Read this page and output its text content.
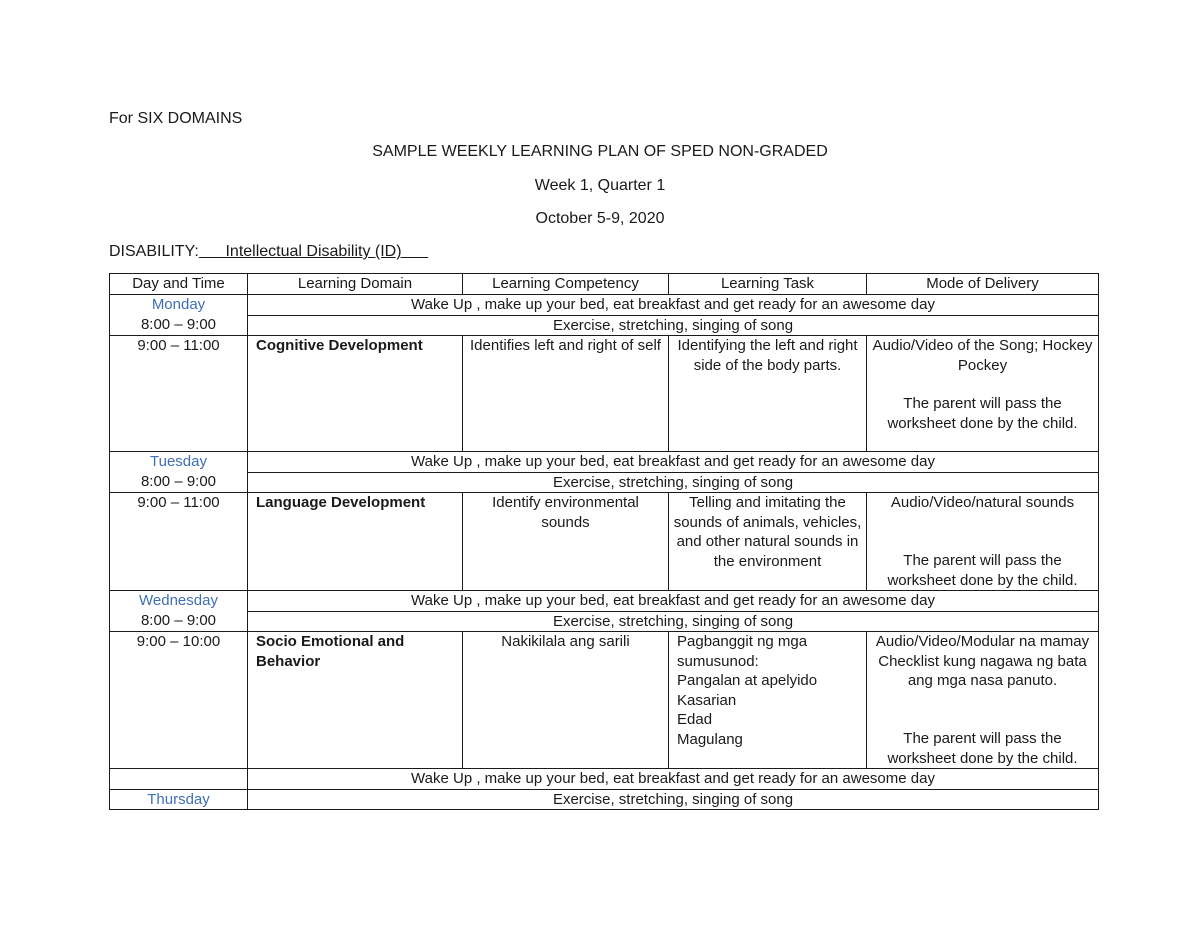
For SIX DOMAINS
SAMPLE WEEKLY LEARNING PLAN OF SPED NON-GRADED
Week 1, Quarter 1
October 5-9, 2020
DISABILITY: Intellectual Disability (ID)
Day and Time	Learning Domain	Learning Competency	Learning Task	Mode of Delivery

Monday
8:00 – 9:00	Wake Up , make up your bed, eat breakfast and get ready for an awesome day			
	Exercise, stretching, singing of song			
9:00 – 11:00	Cognitive Development	Identifies left and right of self	Identifying the left and right side of the body parts.	Audio/Video of the Song; Hockey Pockey
The parent will pass the worksheet done by the child.

Tuesday
8:00 – 9:00	Wake Up , make up your bed, eat breakfast and get ready for an awesome day			
	Exercise, stretching, singing of song			
9:00 – 11:00	Language Development	Identify environmental sounds	Telling and imitating the sounds of animals, vehicles, and other natural sounds in the environment	Audio/Video/natural sounds
The parent will pass the worksheet done by the child.

Wednesday
8:00 – 9:00	Wake Up , make up your bed, eat breakfast and get ready for an awesome day			
	Exercise, stretching, singing of song			
9:00 – 10:00	Socio Emotional and Behavior	Nakikilala ang sarili	Pagbanggit ng mga sumusunod:
Pangalan at apelyido
Kasarian
Edad
Magulang	Audio/Video/Modular na mamay Checklist kung nagawa ng bata ang mga nasa panuto.
The parent will pass the worksheet done by the child.

	Wake Up , make up your bed, eat breakfast and get ready for an awesome day			

Thursday	Exercise, stretching, singing of song			
